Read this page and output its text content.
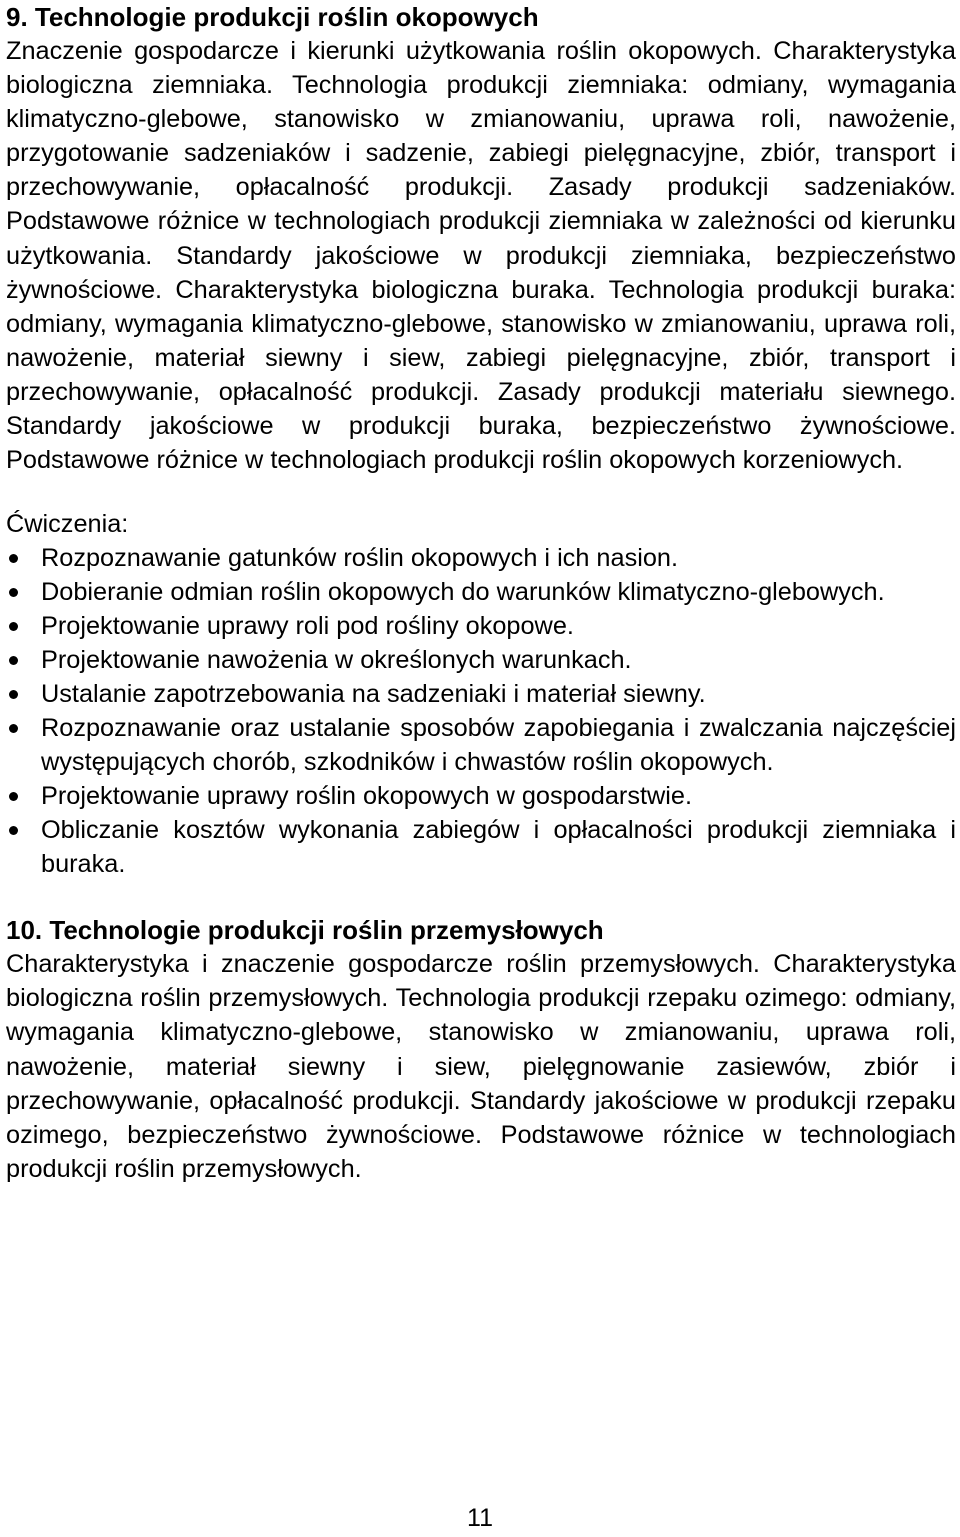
9. Technologie produkcji roślin okopowych

Znaczenie gospodarcze i kierunki użytkowania roślin okopowych. Charakterystyka biologiczna ziemniaka. Technologia produkcji ziemniaka: odmiany, wymagania klimatyczno-glebowe, stanowisko w zmianowaniu, uprawa roli, nawożenie, przygotowanie sadzeniaków i sadzenie, zabiegi pielęgnacyjne, zbiór, transport i przechowywanie, opłacalność produkcji. Zasady produkcji sadzeniaków. Podstawowe różnice w technologiach produkcji ziemniaka w zależności od kierunku użytkowania. Standardy jakościowe w produkcji ziemniaka, bezpieczeństwo żywnościowe. Charakterystyka biologiczna buraka. Technologia produkcji buraka: odmiany, wymagania klimatyczno-glebowe, stanowisko w zmianowaniu, uprawa roli, nawożenie, materiał siewny i siew, zabiegi pielęgnacyjne, zbiór, transport i przechowywanie, opłacalność produkcji. Zasady produkcji materiału siewnego. Standardy jakościowe w produkcji buraka, bezpieczeństwo żywnościowe. Podstawowe różnice w technologiach produkcji roślin okopowych korzeniowych.

Ćwiczenia:

Rozpoznawanie gatunków roślin okopowych i ich nasion.
Dobieranie odmian roślin okopowych do warunków klimatyczno-glebowych.
Projektowanie uprawy roli pod rośliny okopowe.
Projektowanie nawożenia w określonych warunkach.
Ustalanie zapotrzebowania na sadzeniaki i materiał siewny.
Rozpoznawanie oraz ustalanie sposobów zapobiegania i zwalczania najczęściej występujących chorób, szkodników i chwastów roślin okopowych.
Projektowanie uprawy roślin okopowych w gospodarstwie.
Obliczanie kosztów wykonania zabiegów i opłacalności produkcji ziemniaka i buraka.
10. Technologie produkcji roślin przemysłowych

Charakterystyka i znaczenie gospodarcze roślin przemysłowych. Charakterystyka biologiczna roślin przemysłowych. Technologia produkcji rzepaku ozimego: odmiany, wymagania klimatyczno-glebowe, stanowisko w zmianowaniu, uprawa roli, nawożenie, materiał siewny i siew, pielęgnowanie zasiewów, zbiór i przechowywanie, opłacalność produkcji. Standardy jakościowe w produkcji rzepaku ozimego, bezpieczeństwo żywnościowe. Podstawowe różnice w technologiach produkcji roślin przemysłowych.

11
